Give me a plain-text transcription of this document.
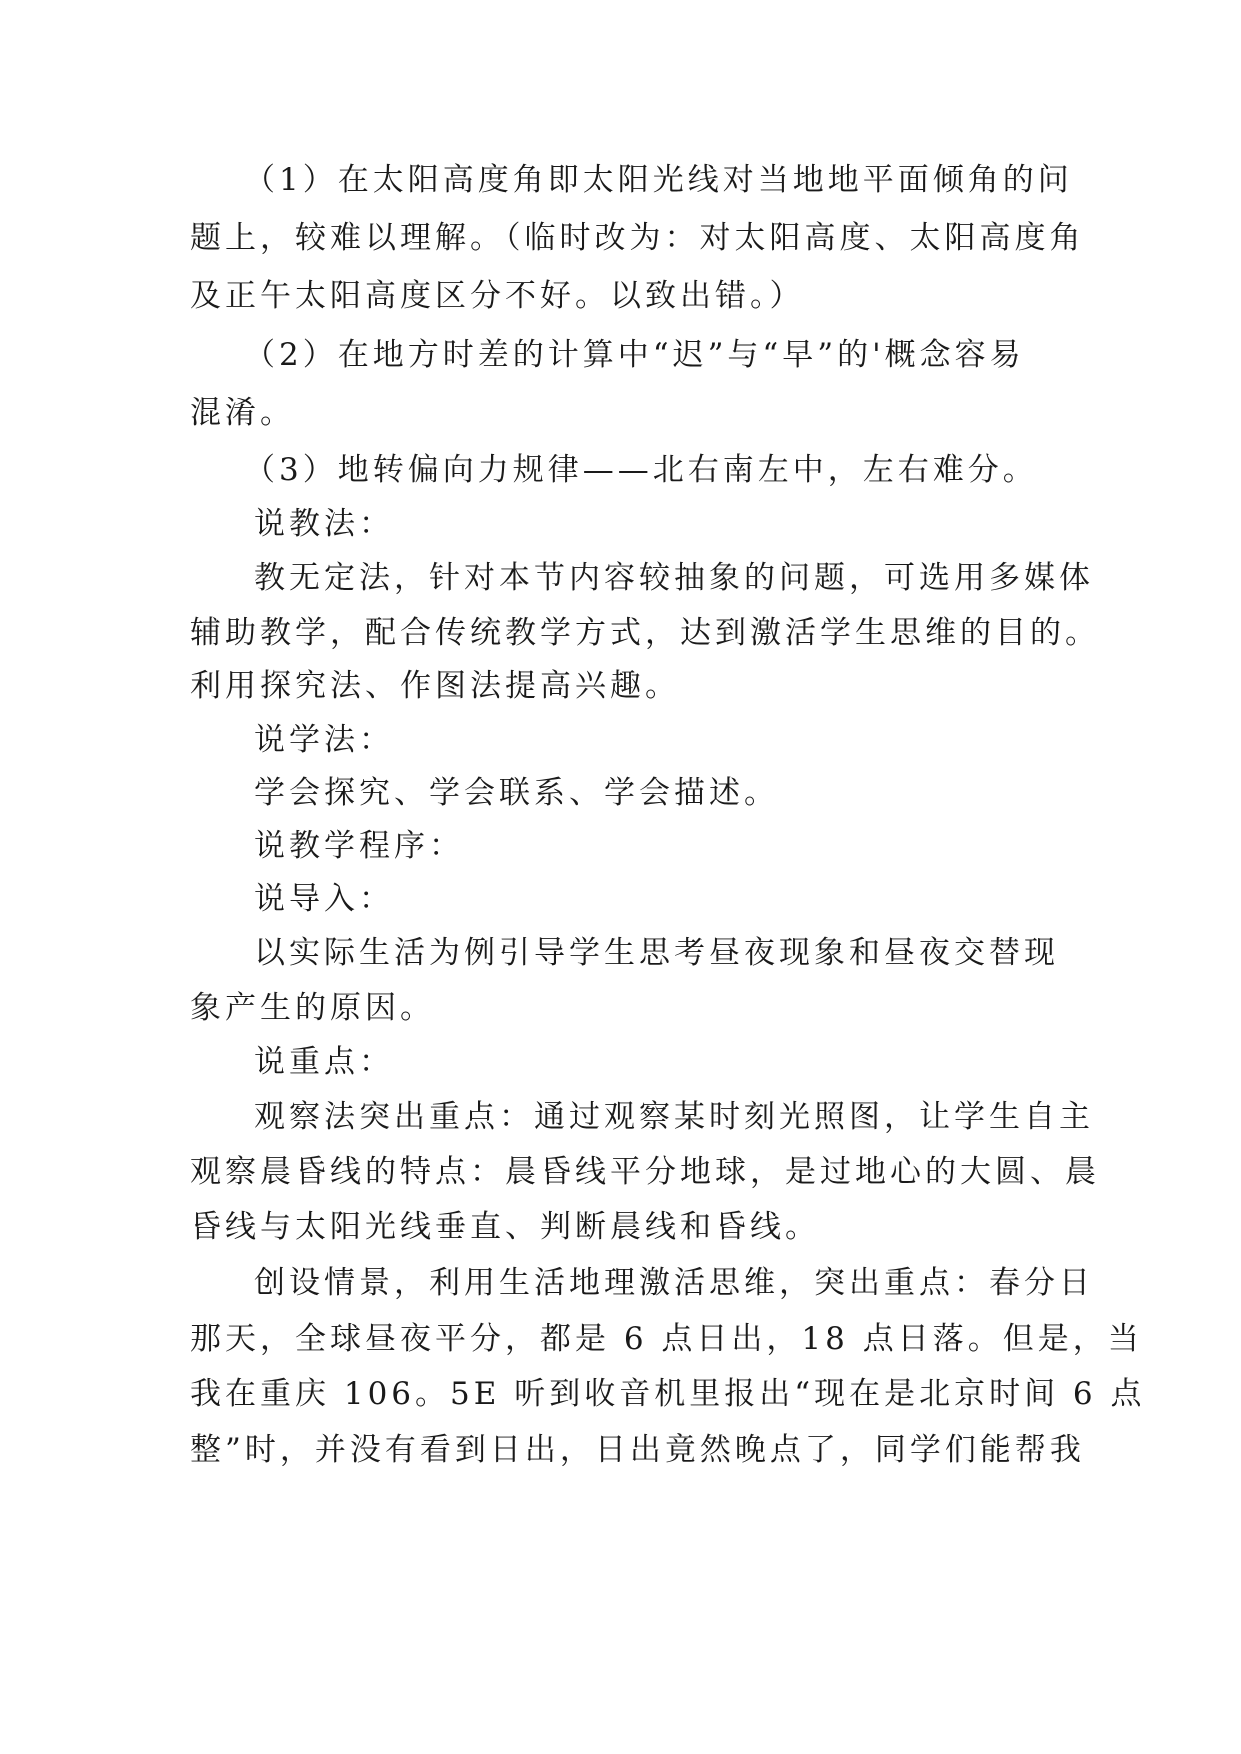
（1）在太阳高度角即太阳光线对当地地平面倾角的问
题上，较难以理解。（临时改为：对太阳高度、太阳高度角
及正午太阳高度区分不好。以致出错。）
（2）在地方时差的计算中“迟”与“早”的'概念容易
混淆。
（3）地转偏向力规律——北右南左中，左右难分。
说教法：
教无定法，针对本节内容较抽象的问题，可选用多媒体
辅助教学，配合传统教学方式，达到激活学生思维的目的。
利用探究法、作图法提高兴趣。
说学法：
学会探究、学会联系、学会描述。
说教学程序：
说导入：
以实际生活为例引导学生思考昼夜现象和昼夜交替现
象产生的原因。
说重点：
观察法突出重点：通过观察某时刻光照图，让学生自主
观察晨昏线的特点：晨昏线平分地球，是过地心的大圆、晨
昏线与太阳光线垂直、判断晨线和昏线。
创设情景，利用生活地理激活思维，突出重点：春分日
那天，全球昼夜平分，都是 6 点日出，18 点日落。但是，当
我在重庆 106。5E 听到收音机里报出“现在是北京时间 6 点
整”时，并没有看到日出，日出竟然晚点了，同学们能帮我
